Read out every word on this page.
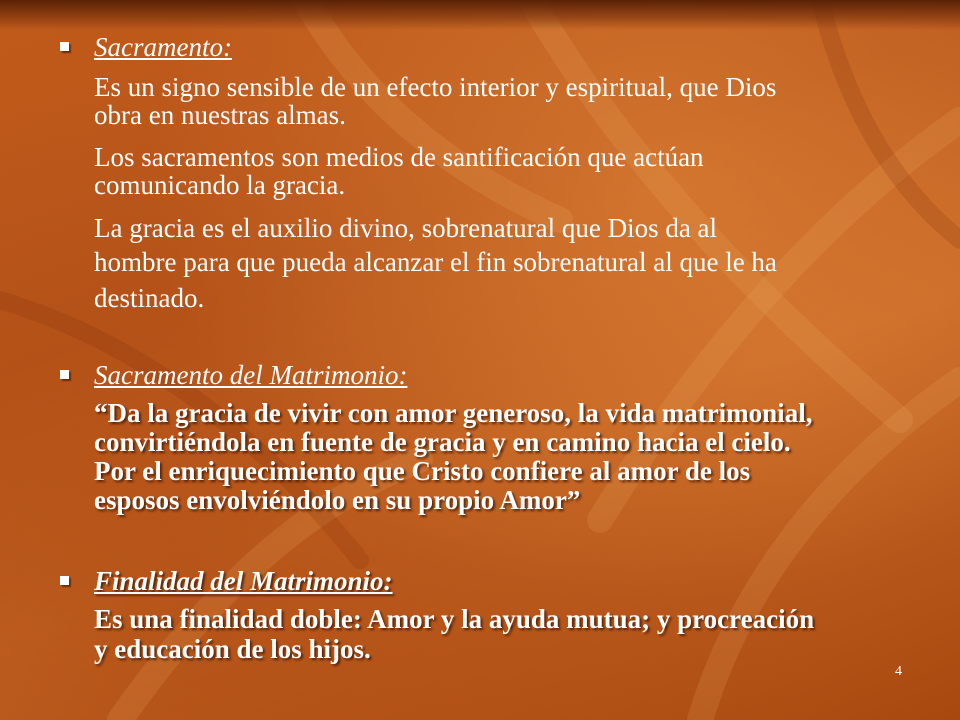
Sacramento:
Es un signo sensible de un efecto interior y espiritual, que Dios
obra en nuestras almas.
Los sacramentos son medios de santificación que actúan
comunicando la gracia.
La gracia es el auxilio divino, sobrenatural que Dios da al
hombre para que pueda alcanzar el fin sobrenatural al que le ha
destinado.
Sacramento del Matrimonio:
“Da la gracia de vivir con amor generoso, la vida matrimonial,
convirtiéndola en fuente de gracia y en camino hacia el cielo.
Por el enriquecimiento que Cristo confiere al amor de los
esposos envolviéndolo en su propio Amor”
Finalidad del Matrimonio:
Es una finalidad doble: Amor y la ayuda mutua; y procreación
y educación de los hijos.
4
